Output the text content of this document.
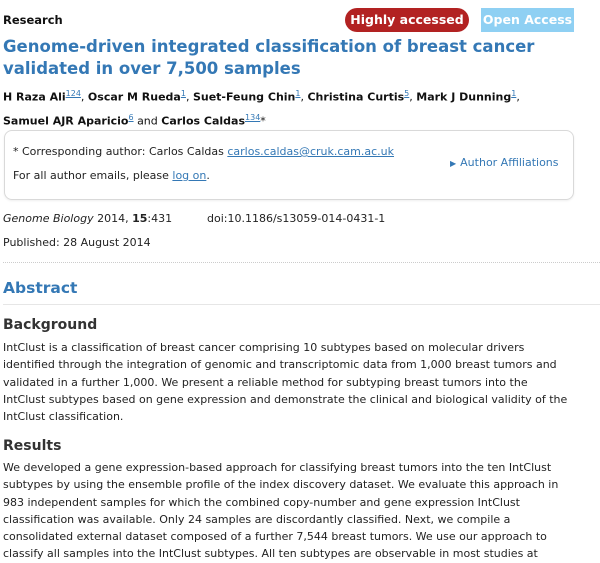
Research	Highly accessed	Open Access
Genome-driven integrated classification of breast cancer
validated in over 7,500 samples
H Raza Ali$^{124}$, Oscar M Rueda$^1$, Suet-Feung Chin$^1$, Christina Curtis$^5$, Mark J Dunning$^1$,
Samuel AJR Aparicio$^6$ and Carlos Caldas$^{134}$*
* Corresponding author: Carlos Caldas carlos.caldas@cruk.cam.ac.uk
For all author emails, please log on.
▶ Author Affiliations
Genome Biology 2014, 15:431	doi:10.1186/s13059-014-0431-1
Published: 28 August 2014
Abstract
Background
IntClust is a classification of breast cancer comprising 10 subtypes based on molecular drivers
identified through the integration of genomic and transcriptomic data from 1,000 breast tumors and
validated in a further 1,000. We present a reliable method for subtyping breast tumors into the
IntClust subtypes based on gene expression and demonstrate the clinical and biological validity of the
IntClust classification.
Results
We developed a gene expression-based approach for classifying breast tumors into the ten IntClust
subtypes by using the ensemble profile of the index discovery dataset. We evaluate this approach in
983 independent samples for which the combined copy-number and gene expression IntClust
classification was available. Only 24 samples are discordantly classified. Next, we compile a
consolidated external dataset composed of a further 7,544 breast tumors. We use our approach to
classify all samples into the IntClust subtypes. All ten subtypes are observable in most studies at
